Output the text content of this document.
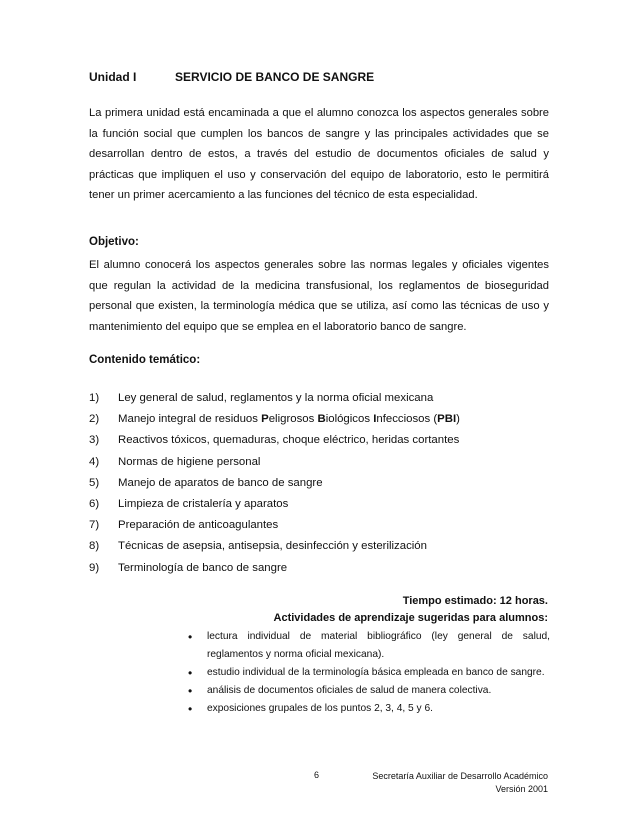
Unidad I	SERVICIO DE BANCO DE SANGRE

La primera unidad está encaminada a que el alumno conozca los aspectos generales sobre la función social que cumplen los bancos de sangre y las principales actividades que se desarrollan dentro de estos, a través del estudio de documentos oficiales de salud y prácticas que impliquen el uso y conservación del equipo de laboratorio, esto le permitirá tener un primer acercamiento a las funciones del técnico de esta especialidad.

Objetivo:

El alumno conocerá los aspectos generales sobre las normas legales y oficiales vigentes que regulan la actividad de la medicina transfusional, los reglamentos de bioseguridad personal que existen, la terminología médica que se utiliza, así como las técnicas de uso y mantenimiento del equipo que se emplea en el laboratorio banco de sangre.

Contenido temático:
1) Ley general de salud, reglamentos y la norma oficial mexicana
2) Manejo integral de residuos Peligrosos Biológicos Infecciosos (PBI)
3) Reactivos tóxicos, quemaduras, choque eléctrico, heridas cortantes
4) Normas de higiene personal
5) Manejo de aparatos de banco de sangre
6) Limpieza de cristalería y aparatos
7) Preparación de anticoagulantes
8) Técnicas de asepsia, antisepsia, desinfección y esterilización
9) Terminología de banco de sangre
Tiempo estimado: 12 horas.
Actividades de aprendizaje sugeridas para alumnos:
• lectura individual de material bibliográfico (ley general de salud, reglamentos y norma oficial mexicana).
• estudio individual de la terminología básica empleada en banco de sangre.
• análisis de documentos oficiales de salud de manera colectiva.
• exposiciones grupales de los puntos 2, 3, 4, 5 y 6.
6	Secretaría Auxiliar de Desarrollo Académico
Versión 2001
